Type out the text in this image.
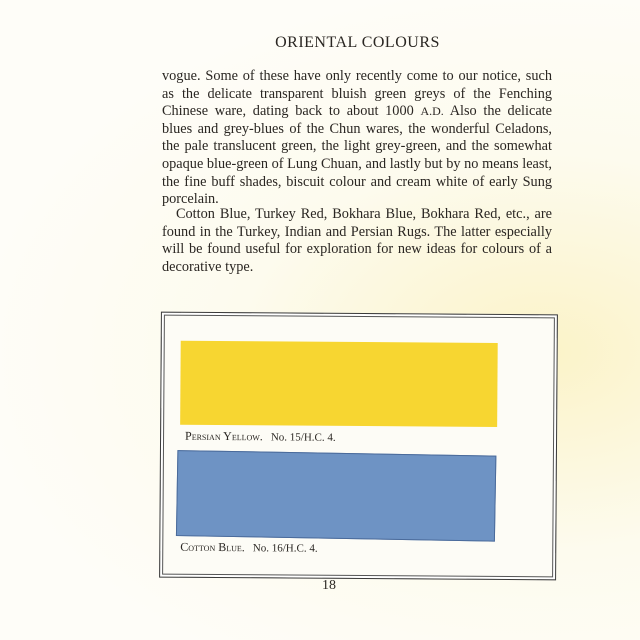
ORIENTAL COLOURS
vogue. Some of these have only recently come to our notice, such as the delicate transparent bluish green greys of the Fenching Chinese ware, dating back to about 1000 A.D. Also the delicate blues and grey-blues of the Chun wares, the wonderful Celadons, the pale translucent green, the light grey-green, and the somewhat opaque blue-green of Lung Chuan, and lastly but by no means least, the fine buff shades, biscuit colour and cream white of early Sung porcelain.
Cotton Blue, Turkey Red, Bokhara Blue, Bokhara Red, etc., are found in the Turkey, Indian and Persian Rugs. The latter especially will be found useful for exploration for new ideas for colours of a decorative type.
Persian Yellow. No. 15/H.C. 4.
Cotton Blue. No. 16/H.C. 4.
18
